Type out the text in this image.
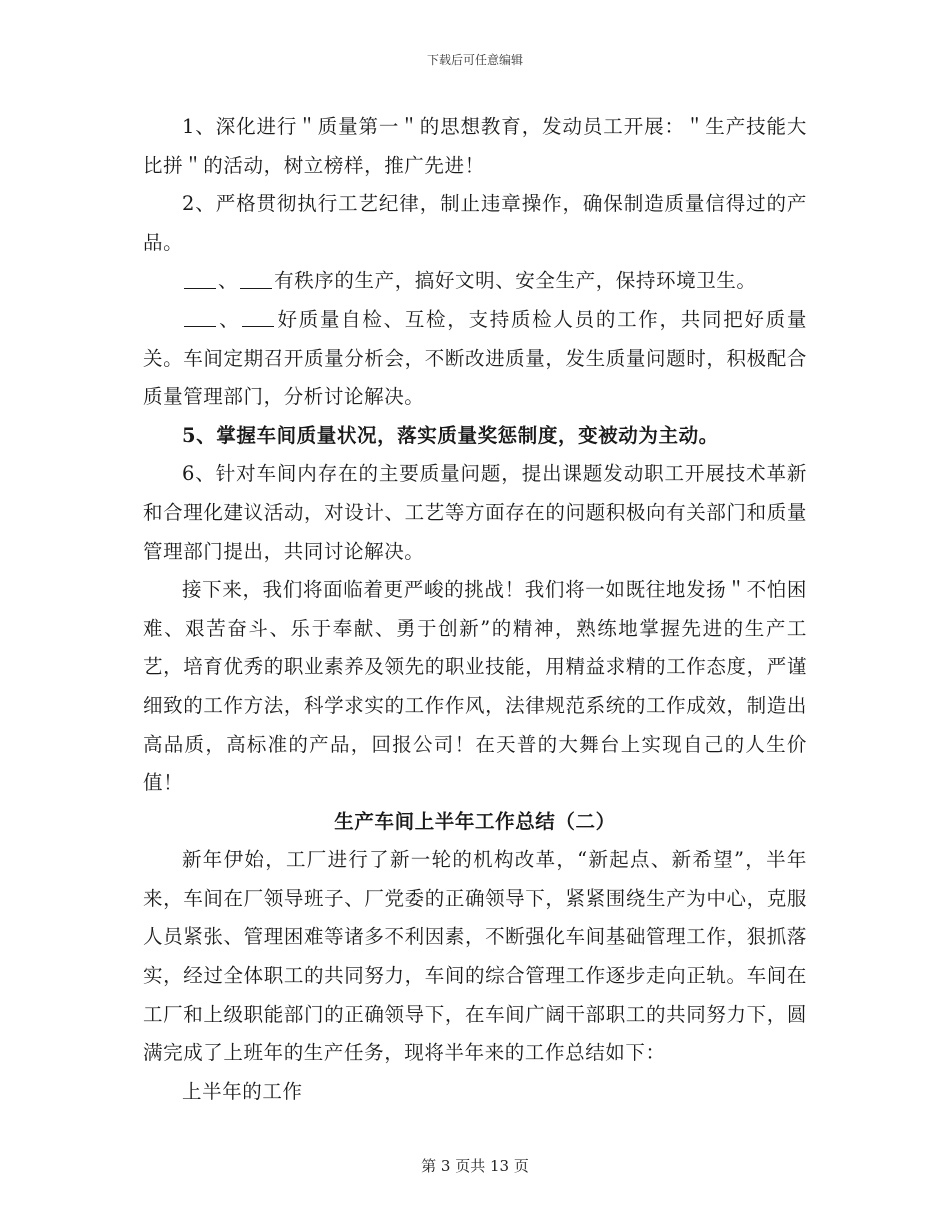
下载后可任意编辑

1、深化进行＂质量第一＂的思想教育，发动员工开展：＂生产技能大比拼＂的活动，树立榜样，推广先进！

2、严格贯彻执行工艺纪律，制止违章操作，确保制造质量信得过的产品。

、 有秩序的生产，搞好文明、安全生产，保持环境卫生。

、 好质量自检、互检，支持质检人员的工作，共同把好质量关。车间定期召开质量分析会，不断改进质量，发生质量问题时，积极配合质量管理部门，分析讨论解决。

5、掌握车间质量状况，落实质量奖惩制度，变被动为主动。

6、针对车间内存在的主要质量问题，提出课题发动职工开展技术革新和合理化建议活动，对设计、工艺等方面存在的问题积极向有关部门和质量管理部门提出，共同讨论解决。

接下来，我们将面临着更严峻的挑战！我们将一如既往地发扬＂不怕困难、艰苦奋斗、乐于奉献、勇于创新”的精神，熟练地掌握先进的生产工艺，培育优秀的职业素养及领先的职业技能，用精益求精的工作态度，严谨细致的工作方法，科学求实的工作作风，法律规范系统的工作成效，制造出高品质，高标准的产品，回报公司！在天普的大舞台上实现自己的人生价值！

生产车间上半年工作总结（二）

新年伊始，工厂进行了新一轮的机构改革，“新起点、新希望”，半年来，车间在厂领导班子、厂党委的正确领导下，紧紧围绕生产为中心，克服人员紧张、管理困难等诸多不利因素，不断强化车间基础管理工作，狠抓落实，经过全体职工的共同努力，车间的综合管理工作逐步走向正轨。车间在工厂和上级职能部门的正确领导下，在车间广阔干部职工的共同努力下，圆满完成了上班年的生产任务，现将半年来的工作总结如下：

上半年的工作

第 3 页共 13 页
